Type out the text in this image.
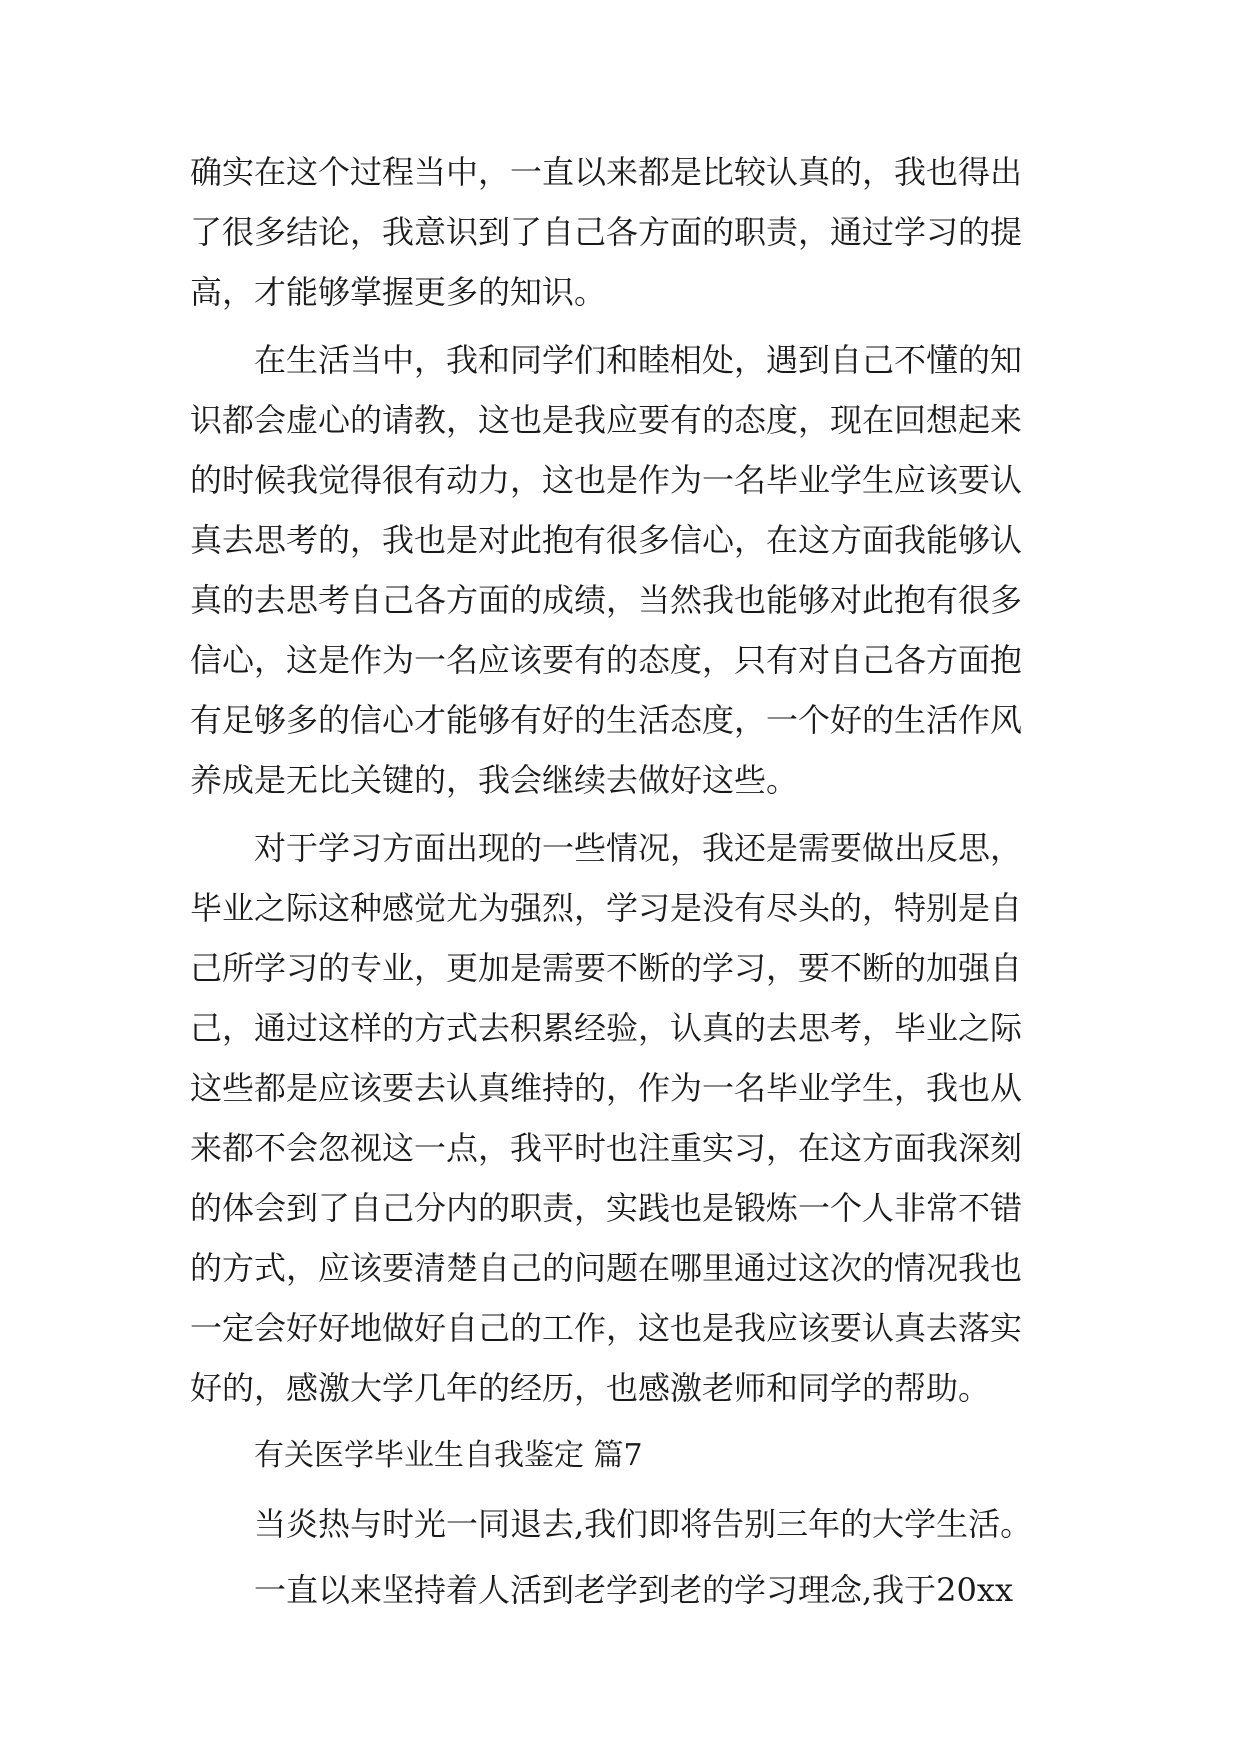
确实在这个过程当中，一直以来都是比较认真的，我也得出

了很多结论，我意识到了自己各方面的职责，通过学习的提

高，才能够掌握更多的知识。

在生活当中，我和同学们和睦相处，遇到自己不懂的知

识都会虚心的请教，这也是我应要有的态度，现在回想起来

的时候我觉得很有动力，这也是作为一名毕业学生应该要认

真去思考的，我也是对此抱有很多信心，在这方面我能够认

真的去思考自己各方面的成绩，当然我也能够对此抱有很多

信心，这是作为一名应该要有的态度，只有对自己各方面抱

有足够多的信心才能够有好的生活态度，一个好的生活作风

养成是无比关键的，我会继续去做好这些。

对于学习方面出现的一些情况，我还是需要做出反思，

毕业之际这种感觉尤为强烈，学习是没有尽头的，特别是自

己所学习的专业，更加是需要不断的学习，要不断的加强自

己，通过这样的方式去积累经验，认真的去思考，毕业之际

这些都是应该要去认真维持的，作为一名毕业学生，我也从

来都不会忽视这一点，我平时也注重实习，在这方面我深刻

的体会到了自己分内的职责，实践也是锻炼一个人非常不错

的方式，应该要清楚自己的问题在哪里通过这次的情况我也

一定会好好地做好自己的工作，这也是我应该要认真去落实

好的，感激大学几年的经历，也感激老师和同学的帮助。

有关医学毕业生自我鉴定 篇7

当炎热与时光一同退去,我们即将告别三年的大学生活。

一直以来坚持着人活到老学到老的学习理念,我于20xx
